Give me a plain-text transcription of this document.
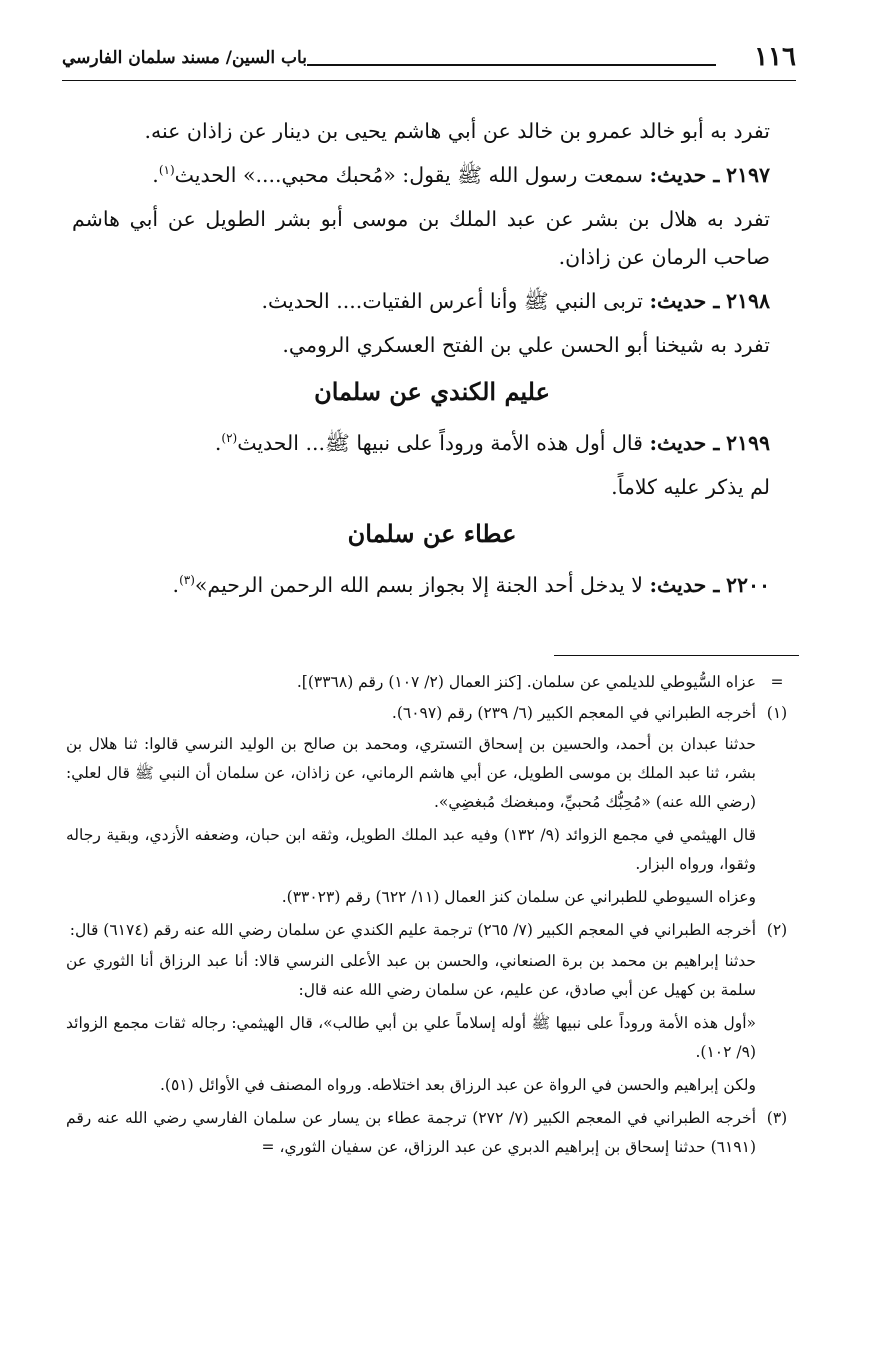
١١٦
باب السين/ مسند سلمان الفارسي

تفرد به أبو خالد عمرو بن خالد عن أبي هاشم يحيى بن دينار عن زاذان عنه.

٢١٩٧ ـ حديث: سمعت رسول الله ﷺ يقول: «مُحبك محبي....» الحديث$^{(١)}$.

تفرد به هلال بن بشر عن عبد الملك بن موسى أبو بشر الطويل عن أبي هاشم صاحب الرمان عن زاذان.

٢١٩٨ ـ حديث: تربى النبي ﷺ وأنا أعرس الفتيات.... الحديث.

تفرد به شيخنا أبو الحسن علي بن الفتح العسكري الرومي.

عليم الكندي عن سلمان

٢١٩٩ ـ حديث: قال أول هذه الأمة وروداً على نبيها ﷺ... الحديث$^{(٢)}$.

لم يذكر عليه كلاماً.

عطاء عن سلمان

٢٢٠٠ ـ حديث: لا يدخل أحد الجنة إلا بجواز بسم الله الرحمن الرحيم»$^{(٣)}$.

=
عزاه السُّيوطي للديلمي عن سلمان. [كنز العمال (٢/ ١٠٧) رقم (٣٣٦٨)].
(١)
أخرجه الطبراني في المعجم الكبير (٦/ ٢٣٩) رقم (٦٠٩٧).

حدثنا عبدان بن أحمد، والحسين بن إسحاق التستري، ومحمد بن صالح بن الوليد النرسي قالوا: ثنا هلال بن بشر، ثنا عبد الملك بن موسى الطويل، عن أبي هاشم الرماني، عن زاذان، عن سلمان أن النبي ﷺ قال لعلي: (رضي الله عنه) «مُحِبُّك مُحبيِّ، ومبغضك مُبغضِي».

قال الهيثمي في مجمع الزوائد (٩/ ١٣٢) وفيه عبد الملك الطويل، وثقه ابن حبان، وضعفه الأزدي، وبقية رجاله وثقوا، ورواه البزار.

وعزاه السيوطي للطبراني عن سلمان كنز العمال (١١/ ٦٢٢) رقم (٣٣٠٢٣).

(٢)
أخرجه الطبراني في المعجم الكبير (٧/ ٢٦٥) ترجمة عليم الكندي عن سلمان رضي الله عنه رقم (٦١٧٤) قال:

حدثنا إبراهيم بن محمد بن برة الصنعاني، والحسن بن عبد الأعلى النرسي قالا: أنا عبد الرزاق أنا الثوري عن سلمة بن كهيل عن أبي صادق، عن عليم، عن سلمان رضي الله عنه قال:

«أول هذه الأمة وروداً على نبيها ﷺ أوله إسلاماً علي بن أبي طالب»، قال الهيثمي: رجاله ثقات مجمع الزوائد (٩/ ١٠٢).

ولكن إبراهيم والحسن في الرواة عن عبد الرزاق بعد اختلاطه. ورواه المصنف في الأوائل (٥١).

(٣)
أخرجه الطبراني في المعجم الكبير (٧/ ٢٧٢) ترجمة عطاء بن يسار عن سلمان الفارسي رضي الله عنه رقم (٦١٩١) حدثنا إسحاق بن إبراهيم الدبري عن عبد الرزاق، عن سفيان الثوري، =
